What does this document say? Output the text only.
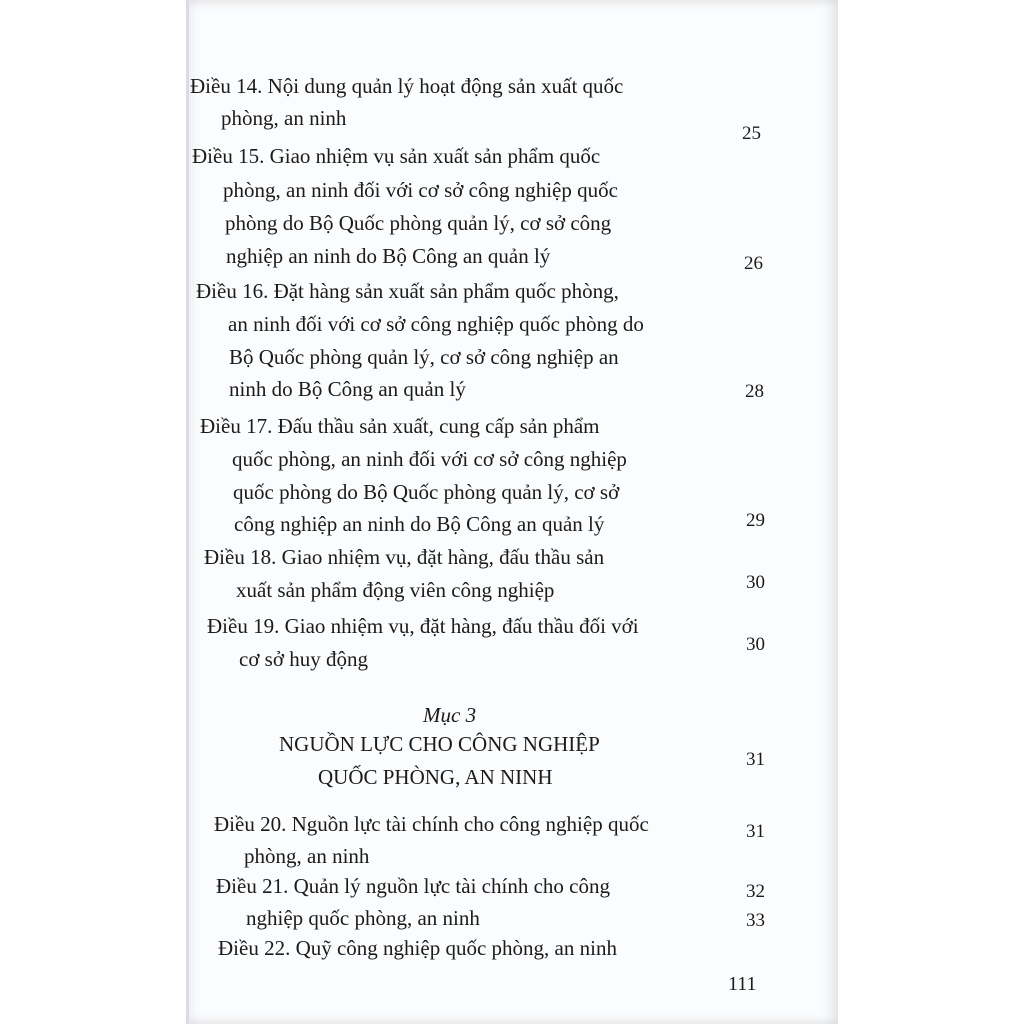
Điều 14. Nội dung quản lý hoạt động sản xuất quốc
phòng, an ninh
25
Điều 15. Giao nhiệm vụ sản xuất sản phẩm quốc
phòng, an ninh đối với cơ sở công nghiệp quốc
phòng do Bộ Quốc phòng quản lý, cơ sở công
nghiệp an ninh do Bộ Công an quản lý	26
Điều 16. Đặt hàng sản xuất sản phẩm quốc phòng,
an ninh đối với cơ sở công nghiệp quốc phòng do
Bộ Quốc phòng quản lý, cơ sở công nghiệp an
ninh do Bộ Công an quản lý	28
Điều 17. Đấu thầu sản xuất, cung cấp sản phẩm
quốc phòng, an ninh đối với cơ sở công nghiệp
quốc phòng do Bộ Quốc phòng quản lý, cơ sở
công nghiệp an ninh do Bộ Công an quản lý	29
Điều 18. Giao nhiệm vụ, đặt hàng, đấu thầu sản
xuất sản phẩm động viên công nghiệp	30
Điều 19. Giao nhiệm vụ, đặt hàng, đấu thầu đối với
cơ sở huy động
30
Mục 3
NGUỒN LỰC CHO CÔNG NGHIỆP
QUỐC PHÒNG, AN NINH
31
Điều 20. Nguồn lực tài chính cho công nghiệp quốc
phòng, an ninh
31
Điều 21. Quản lý nguồn lực tài chính cho công
nghiệp quốc phòng, an ninh
32
Điều 22. Quỹ công nghiệp quốc phòng, an ninh
33
111
